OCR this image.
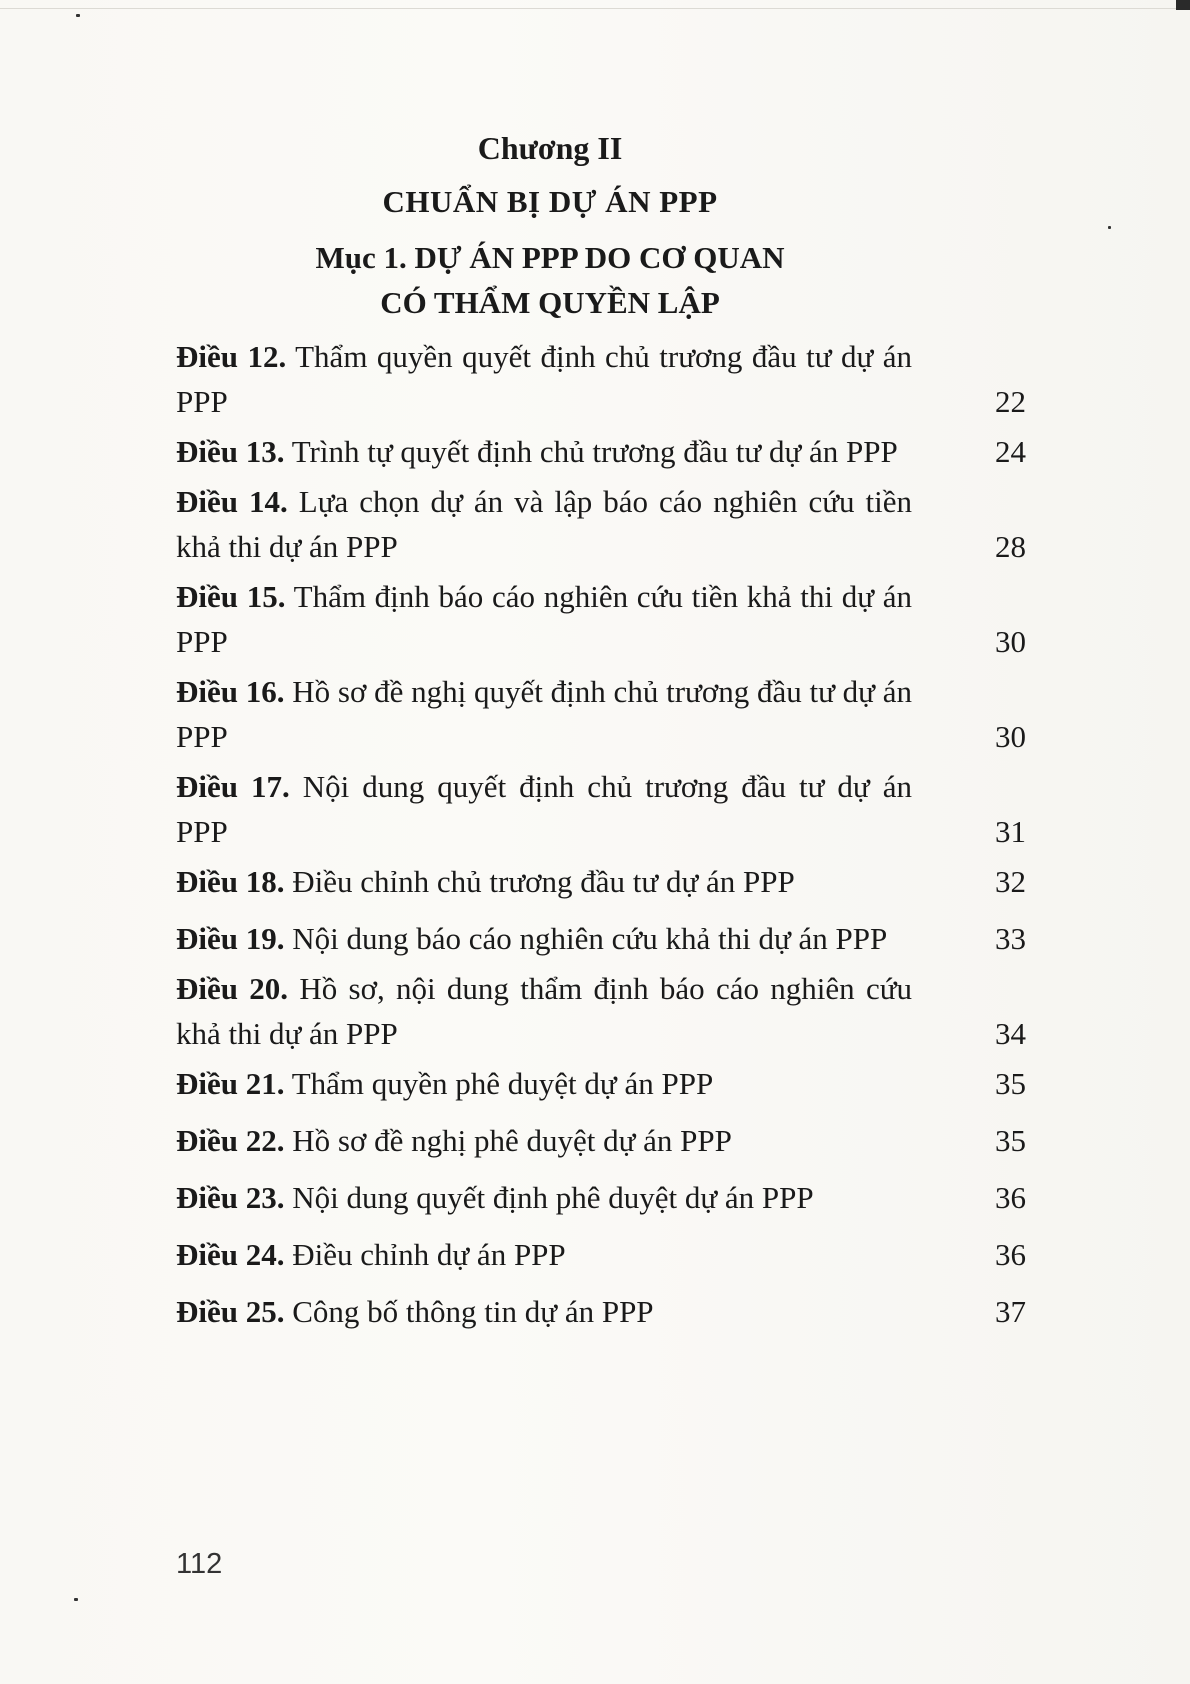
Chương II
CHUẨN BỊ DỰ ÁN PPP
Mục 1. DỰ ÁN PPP DO CƠ QUAN
CÓ THẨM QUYỀN LẬP
Điều 12. Thẩm quyền quyết định chủ trương đầu tư dự án PPP	22
Điều 13. Trình tự quyết định chủ trương đầu tư dự án PPP	24
Điều 14. Lựa chọn dự án và lập báo cáo nghiên cứu tiền khả thi dự án PPP	28
Điều 15. Thẩm định báo cáo nghiên cứu tiền khả thi dự án PPP	30
Điều 16. Hồ sơ đề nghị quyết định chủ trương đầu tư dự án PPP	30
Điều 17. Nội dung quyết định chủ trương đầu tư dự án PPP	31
Điều 18. Điều chỉnh chủ trương đầu tư dự án PPP	32
Điều 19. Nội dung báo cáo nghiên cứu khả thi dự án PPP	33
Điều 20. Hồ sơ, nội dung thẩm định báo cáo nghiên cứu khả thi dự án PPP	34
Điều 21. Thẩm quyền phê duyệt dự án PPP	35
Điều 22. Hồ sơ đề nghị phê duyệt dự án PPP	35
Điều 23. Nội dung quyết định phê duyệt dự án PPP	36
Điều 24. Điều chỉnh dự án PPP	36
Điều 25. Công bố thông tin dự án PPP	37
112
